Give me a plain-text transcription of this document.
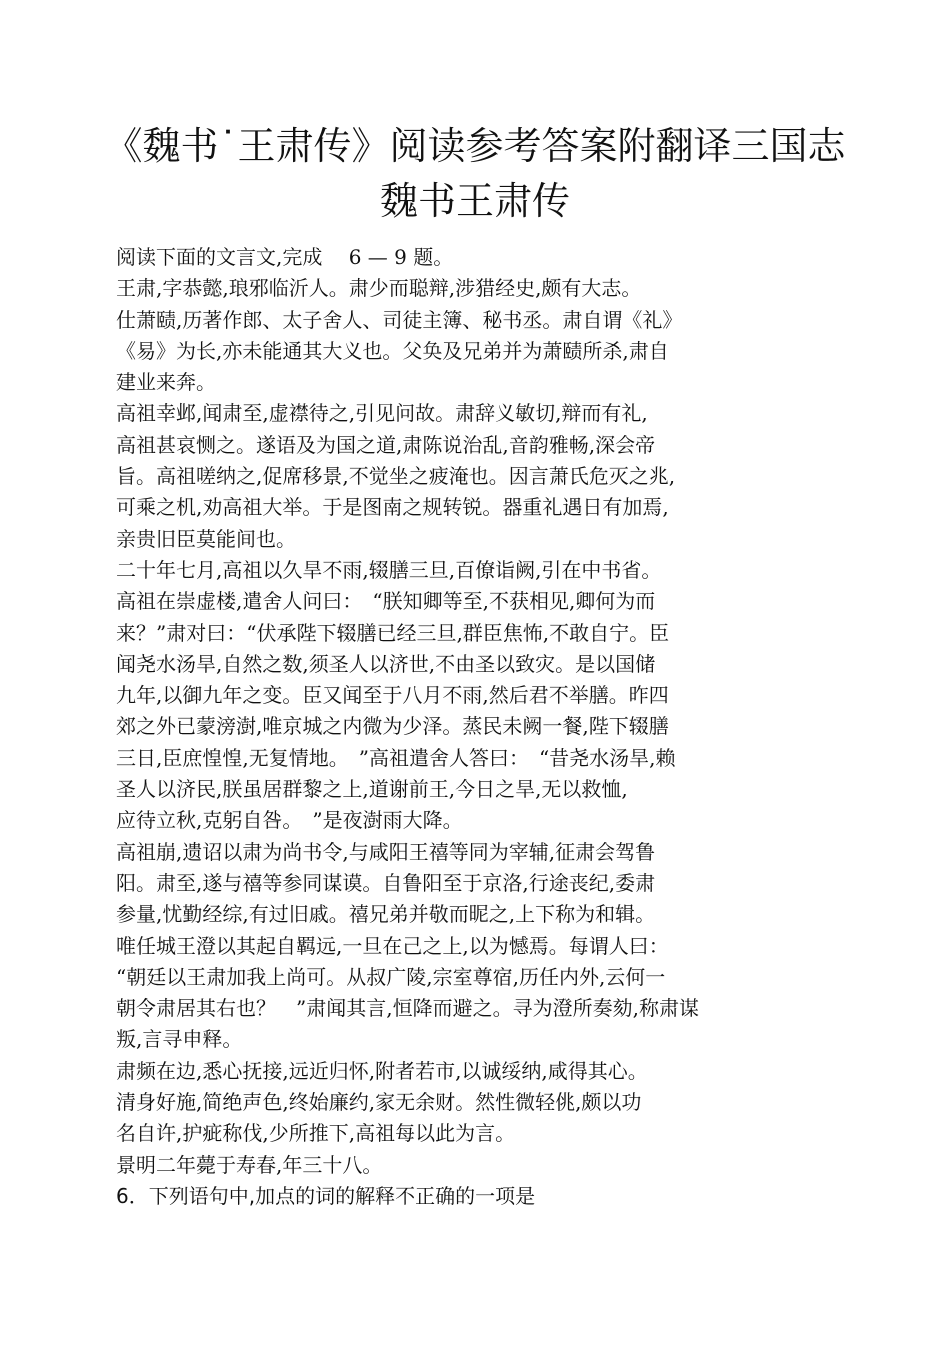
《魏书˙王肃传》阅读参考答案附翻译三国志
魏书王肃传
阅读下面的文言文,完成　 6 — 9 题。
王肃,字恭懿,琅邪临沂人。肃少而聪辩,涉猎经史,颇有大志。
仕萧赜,历著作郎、太子舍人、司徒主簿、秘书丞。肃自谓《礼》
《易》为长,亦未能通其大义也。父奂及兄弟并为萧赜所杀,肃自
建业来奔。
高祖幸邺,闻肃至,虚襟待之,引见问故。肃辞义敏切,辩而有礼,
高祖甚哀恻之。遂语及为国之道,肃陈说治乱,音韵雅畅,深会帝
旨。高祖嗟纳之,促席移景,不觉坐之疲淹也。因言萧氏危灭之兆,
可乘之机,劝高祖大举。于是图南之规转锐。器重礼遇日有加焉,
亲贵旧臣莫能间也。
二十年七月,高祖以久旱不雨,辍膳三旦,百僚诣阙,引在中书省。
高祖在崇虚楼,遣舍人问曰：　“朕知卿等至,不获相见,卿何为而
来？”肃对曰：“伏承陛下辍膳已经三旦,群臣焦怖,不敢自宁。臣
闻尧水汤旱,自然之数,须圣人以济世,不由圣以致灾。是以国储
九年,以御九年之变。臣又闻至于八月不雨,然后君不举膳。昨四
郊之外已蒙滂澍,唯京城之内微为少泽。蒸民未阙一餐,陛下辍膳
三日,臣庶惶惶,无复情地。　”高祖遣舍人答曰：　“昔尧水汤旱,赖
圣人以济民,朕虽居群黎之上,道谢前王,今日之旱,无以救恤,
应待立秋,克躬自咎。　”是夜澍雨大降。
高祖崩,遗诏以肃为尚书令,与咸阳王禧等同为宰辅,征肃会驾鲁
阳。肃至,遂与禧等参同谋谟。自鲁阳至于京洛,行途丧纪,委肃
参量,忧勤经综,有过旧戚。禧兄弟并敬而昵之,上下称为和辑。
唯任城王澄以其起自羁远,一旦在己之上,以为憾焉。每谓人曰：
“朝廷以王肃加我上尚可。从叔广陵,宗室尊宿,历任内外,云何一
朝令肃居其右也？　”肃闻其言,恒降而避之。寻为澄所奏劾,称肃谋
叛,言寻申释。
肃频在边,悉心抚接,远近归怀,附者若市,以诚绥纳,咸得其心。
清身好施,简绝声色,终始廉约,家无余财。然性微轻佻,颇以功
名自许,护疵称伐,少所推下,高祖每以此为言。
景明二年薨于寿春,年三十八。
6．下列语句中,加点的词的解释不正确的一项是
